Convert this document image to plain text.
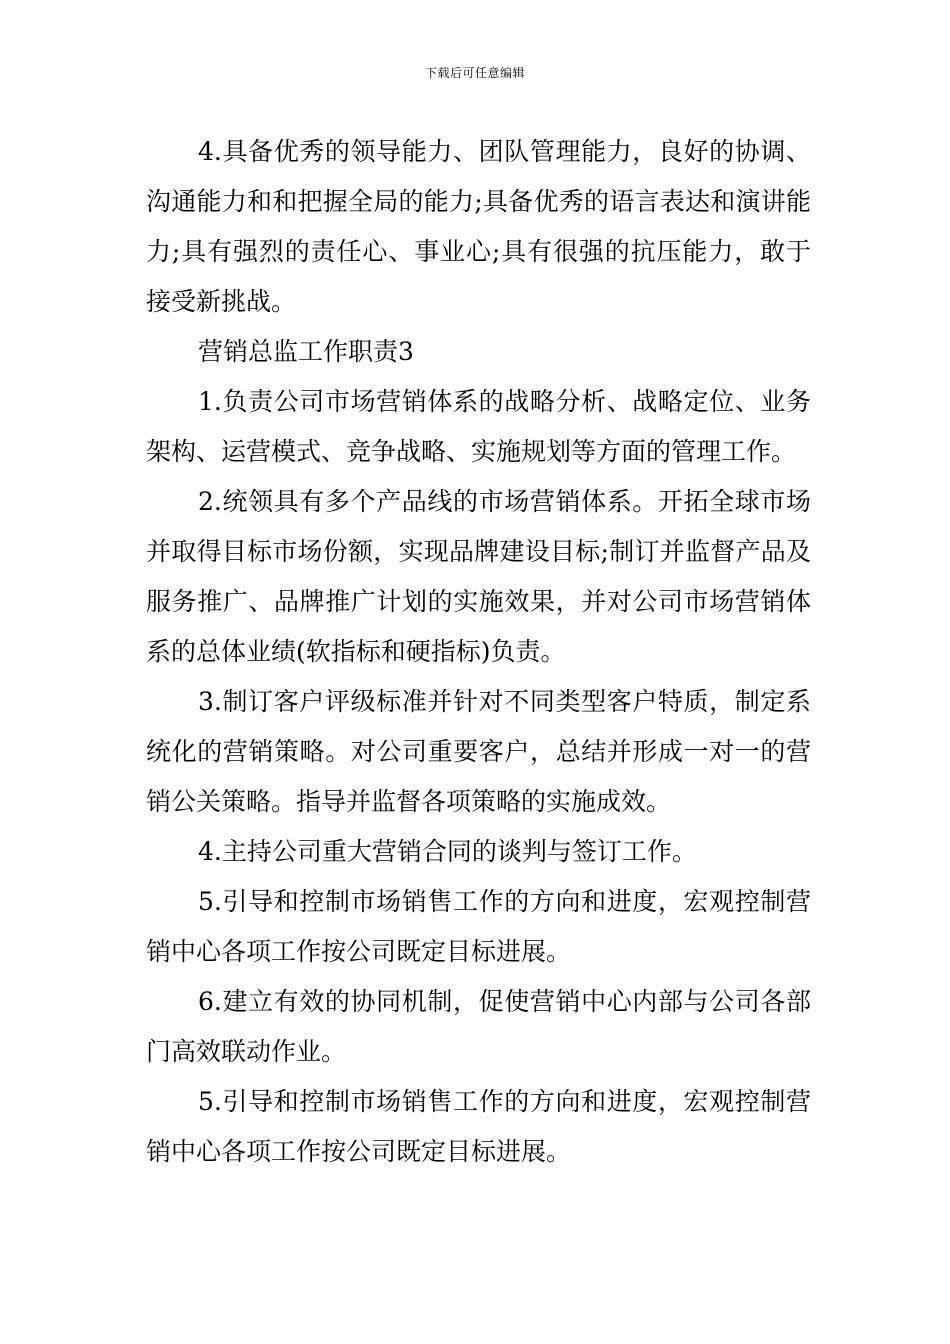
下载后可任意编辑

4.具备优秀的领导能力、团队管理能力，良好的协调、沟通能力和和把握全局的能力;具备优秀的语言表达和演讲能力;具有强烈的责任心、事业心;具有很强的抗压能力，敢于接受新挑战。

营销总监工作职责3

1.负责公司市场营销体系的战略分析、战略定位、业务架构、运营模式、竞争战略、实施规划等方面的管理工作。

2.统领具有多个产品线的市场营销体系。开拓全球市场并取得目标市场份额，实现品牌建设目标;制订并监督产品及服务推广、品牌推广计划的实施效果，并对公司市场营销体系的总体业绩(软指标和硬指标)负责。

3.制订客户评级标准并针对不同类型客户特质，制定系统化的营销策略。对公司重要客户，总结并形成一对一的营销公关策略。指导并监督各项策略的实施成效。

4.主持公司重大营销合同的谈判与签订工作。

5.引导和控制市场销售工作的方向和进度，宏观控制营销中心各项工作按公司既定目标进展。

6.建立有效的协同机制，促使营销中心内部与公司各部门高效联动作业。

5.引导和控制市场销售工作的方向和进度，宏观控制营销中心各项工作按公司既定目标进展。
